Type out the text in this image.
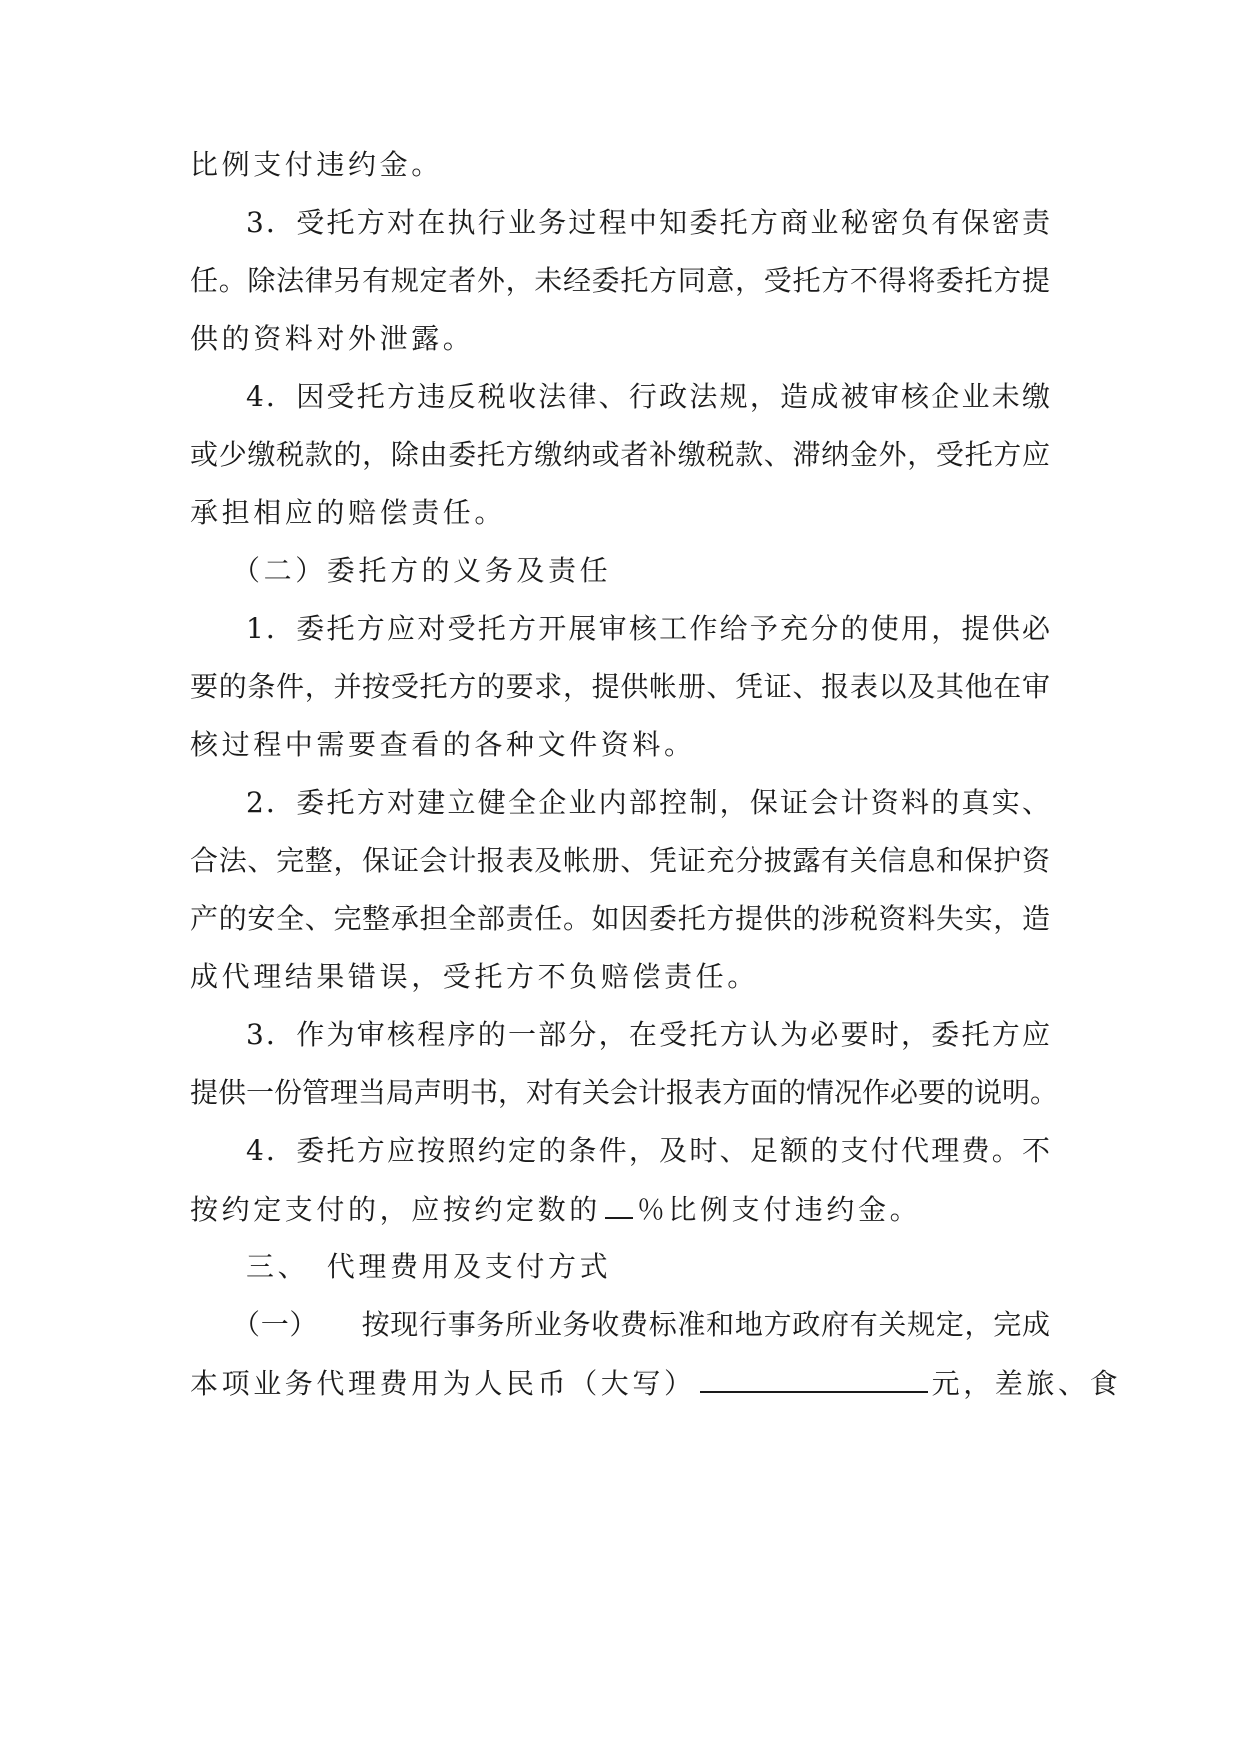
比例支付违约金。
3．受托方对在执行业务过程中知委托方商业秘密负有保密责
任。除法律另有规定者外，未经委托方同意，受托方不得将委托方提
供的资料对外泄露。
4．因受托方违反税收法律、行政法规，造成被审核企业未缴
或少缴税款的，除由委托方缴纳或者补缴税款、滞纳金外，受托方应
承担相应的赔偿责任。
（二）委托方的义务及责任
1．委托方应对受托方开展审核工作给予充分的使用，提供必
要的条件，并按受托方的要求，提供帐册、凭证、报表以及其他在审
核过程中需要查看的各种文件资料。
2．委托方对建立健全企业内部控制，保证会计资料的真实、
合法、完整，保证会计报表及帐册、凭证充分披露有关信息和保护资
产的安全、完整承担全部责任。如因委托方提供的涉税资料失实，造
成代理结果错误，受托方不负赔偿责任。
3．作为审核程序的一部分，在受托方认为必要时，委托方应
提供一份管理当局声明书，对有关会计报表方面的情况作必要的说明。
4．委托方应按照约定的条件，及时、足额的支付代理费。不
按约定支付的，应按约定数的 ％比例支付违约金。
三、　代理费用及支付方式
（一）　　按现行事务所业务收费标准和地方政府有关规定，完成
本项业务代理费用为人民币（大写）	元，差旅、食
